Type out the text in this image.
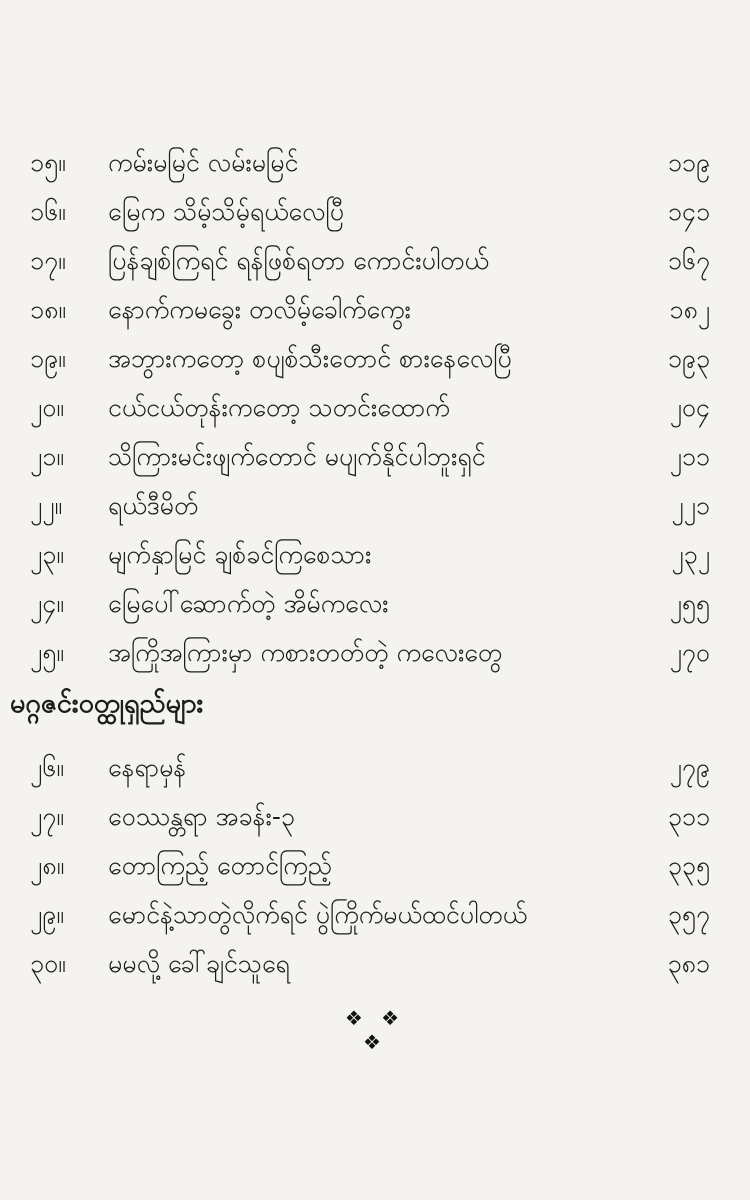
၁၅။ ကမ်းမမြင် လမ်းမမြင်	၁၁၉
၁၆။ မြေက သိမ့်သိမ့်ရယ်လေပြီ	၁၄၁
၁၇။ ပြန်ချစ်ကြရင် ရန်ဖြစ်ရတာ ကောင်းပါတယ်	၁၆၇
၁၈။ နောက်ကမခွေး တလိမ့်ခေါက်ကွေး	၁၈၂
၁၉။ အဘွားကတော့ စပျစ်သီးတောင် စားနေလေပြီ	၁၉၃
၂၀။ ငယ်ငယ်တုန်းကတော့ သတင်းထောက်	၂၀၄
၂၁။ သိကြားမင်းဖျက်တောင် မပျက်နိုင်ပါဘူးရှင်	၂၁၁
၂၂။ ရယ်ဒီမိတ်	၂၂၁
၂၃။ မျက်နှာမြင် ချစ်ခင်ကြစေသား	၂၃၂
၂၄။ မြေပေါ်ဆောက်တဲ့ အိမ်ကလေး	၂၅၅
၂၅။ အကြိုအကြားမှာ ကစားတတ်တဲ့ ကလေးတွေ	၂၇၀
မဂ္ဂဇင်းဝတ္ထုရှည်များ
၂၆။ နေရာမှန်	၂၇၉
၂၇။ ဝေဿန္တရာ အခန်း-၃	၃၁၁
၂၈။ တောကြည့် တောင်ကြည့်	၃၃၅
၂၉။ မောင်နဲ့သာတွဲလိုက်ရင် ပွဲကြိုက်မယ်ထင်ပါတယ်	၃၅၇
၃၀။ မမလို့ ခေါ်ချင်သူရေ	၃၈၁
❖ ❖ ❖
